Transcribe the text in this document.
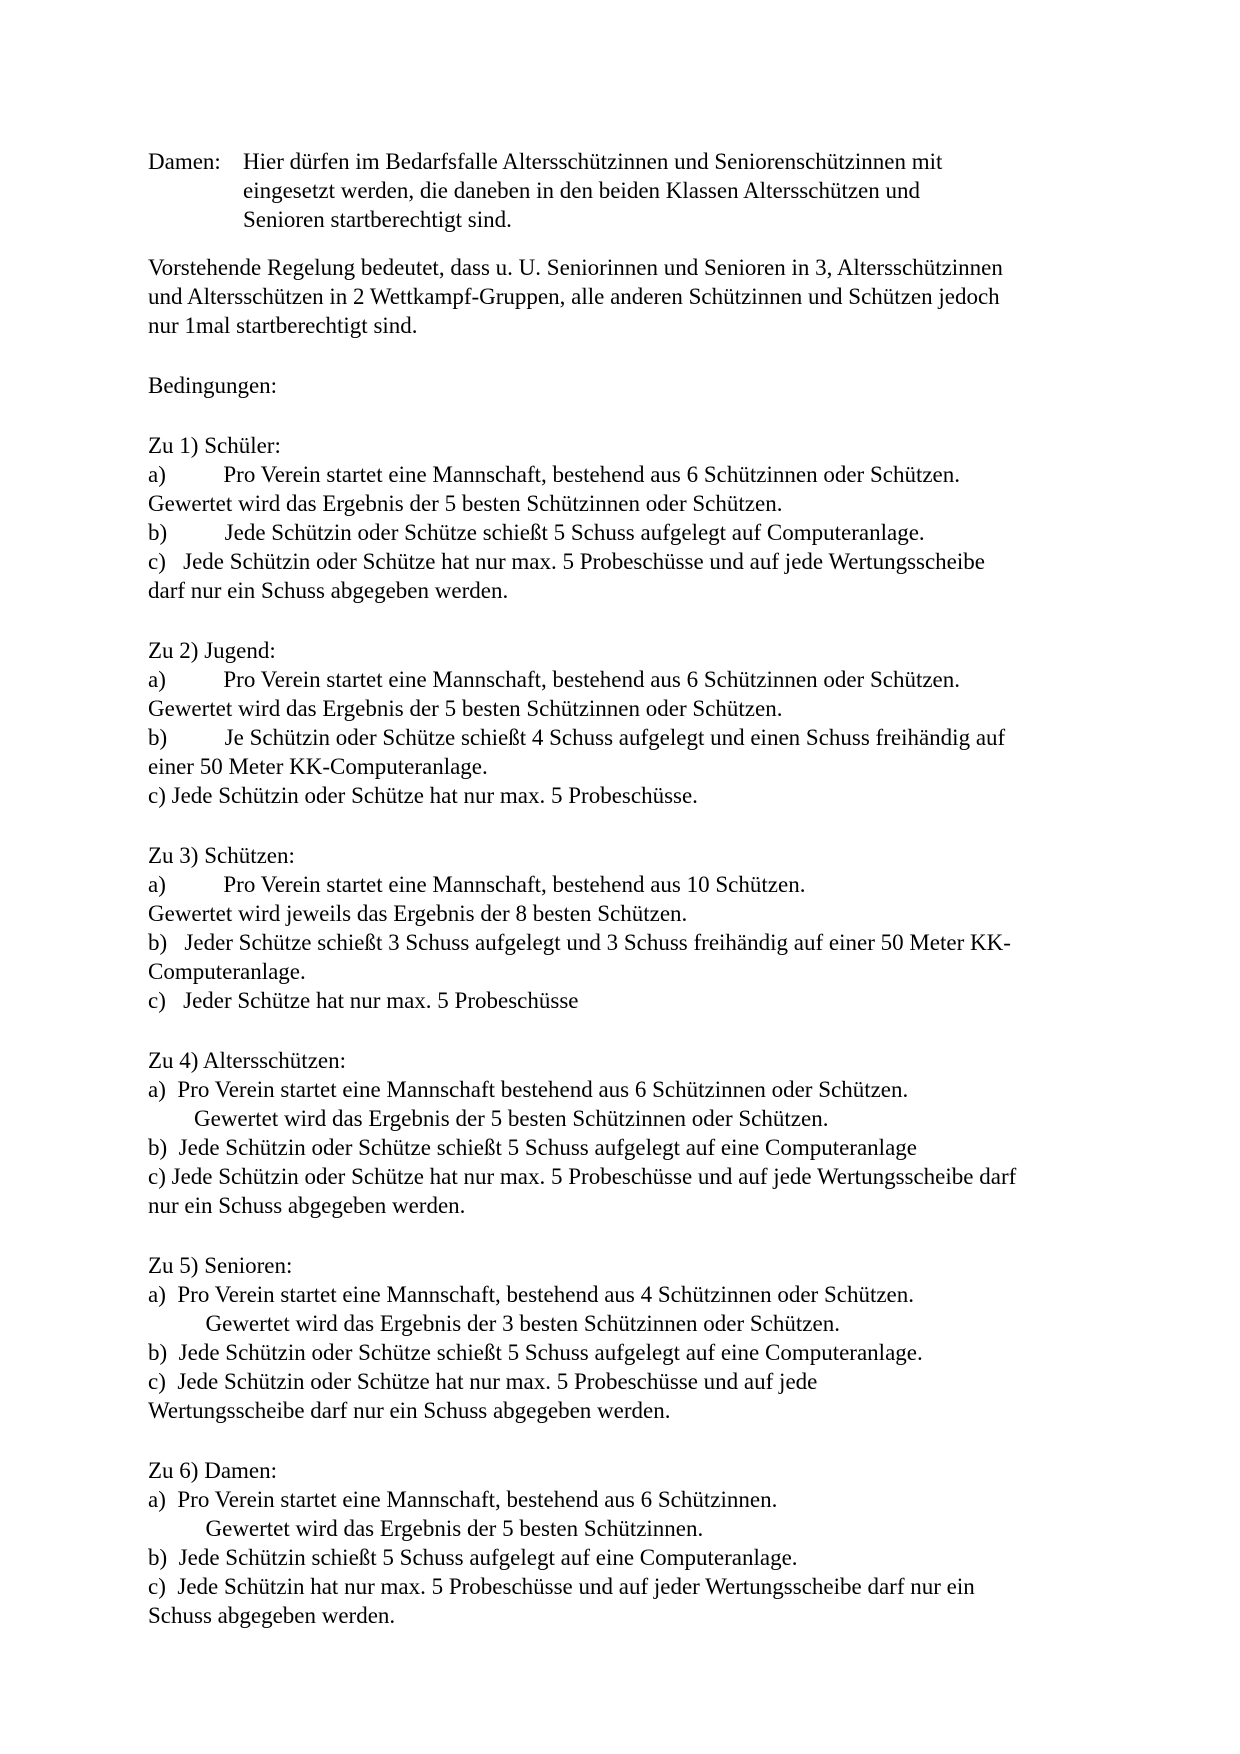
Damen: Hier dürfen im Bedarfsfalle Altersschützinnen und Seniorenschützinnen mit
eingesetzt werden, die daneben in den beiden Klassen Altersschützen und
Senioren startberechtigt sind.
Vorstehende Regelung bedeutet, dass u. U. Seniorinnen und Senioren in 3, Altersschützinnen
und Altersschützen in 2 Wettkampf-Gruppen, alle anderen Schützinnen und Schützen jedoch
nur 1mal startberechtigt sind.
Bedingungen:
Zu 1) Schüler:
a)          Pro Verein startet eine Mannschaft, bestehend aus 6 Schützinnen oder Schützen.
Gewertet wird das Ergebnis der 5 besten Schützinnen oder Schützen.
b)          Jede Schützin oder Schütze schießt 5 Schuss aufgelegt auf Computeranlage.
c)   Jede Schützin oder Schütze hat nur max. 5 Probeschüsse und auf jede Wertungsscheibe
darf nur ein Schuss abgegeben werden.
Zu 2) Jugend:
a)          Pro Verein startet eine Mannschaft, bestehend aus 6 Schützinnen oder Schützen.
Gewertet wird das Ergebnis der 5 besten Schützinnen oder Schützen.
b)          Je Schützin oder Schütze schießt 4 Schuss aufgelegt und einen Schuss freihändig auf
einer 50 Meter KK-Computeranlage.
c) Jede Schützin oder Schütze hat nur max. 5 Probeschüsse.
Zu 3) Schützen:
a)          Pro Verein startet eine Mannschaft, bestehend aus 10 Schützen.
Gewertet wird jeweils das Ergebnis der 8 besten Schützen.
b)   Jeder Schütze schießt 3 Schuss aufgelegt und 3 Schuss freihändig auf einer 50 Meter KK-
Computeranlage.
c)   Jeder Schütze hat nur max. 5 Probeschüsse
Zu 4) Altersschützen:
a)  Pro Verein startet eine Mannschaft bestehend aus 6 Schützinnen oder Schützen.
Gewertet wird das Ergebnis der 5 besten Schützinnen oder Schützen.
b)  Jede Schützin oder Schütze schießt 5 Schuss aufgelegt auf eine Computeranlage
c) Jede Schützin oder Schütze hat nur max. 5 Probeschüsse und auf jede Wertungsscheibe darf
nur ein Schuss abgegeben werden.
Zu 5) Senioren:
a)  Pro Verein startet eine Mannschaft, bestehend aus 4 Schützinnen oder Schützen.
Gewertet wird das Ergebnis der 3 besten Schützinnen oder Schützen.
b)  Jede Schützin oder Schütze schießt 5 Schuss aufgelegt auf eine Computeranlage.
c)  Jede Schützin oder Schütze hat nur max. 5 Probeschüsse und auf jede
Wertungsscheibe darf nur ein Schuss abgegeben werden.
Zu 6) Damen:
a)  Pro Verein startet eine Mannschaft, bestehend aus 6 Schützinnen.
Gewertet wird das Ergebnis der 5 besten Schützinnen.
b)  Jede Schützin schießt 5 Schuss aufgelegt auf eine Computeranlage.
c)  Jede Schützin hat nur max. 5 Probeschüsse und auf jeder Wertungsscheibe darf nur ein
Schuss abgegeben werden.
